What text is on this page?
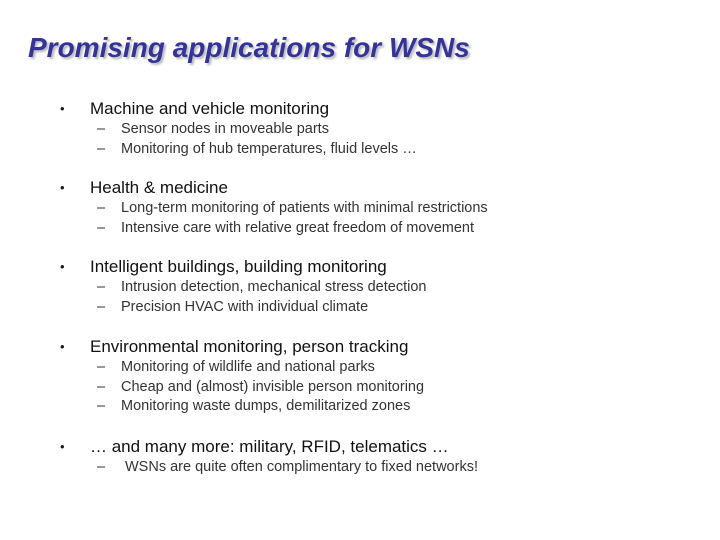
Promising applications for WSNs
• Machine and vehicle monitoring
– Sensor nodes in moveable parts
– Monitoring of hub temperatures, fluid levels …
• Health & medicine
– Long-term monitoring of patients with minimal restrictions
– Intensive care with relative great freedom of movement
• Intelligent buildings, building monitoring
– Intrusion detection, mechanical stress detection
– Precision HVAC with individual climate
• Environmental monitoring, person tracking
– Monitoring of wildlife and national parks
– Cheap and (almost) invisible person monitoring
– Monitoring waste dumps, demilitarized zones
• … and many more: military, RFID, telematics …
– WSNs are quite often complimentary to fixed networks!
